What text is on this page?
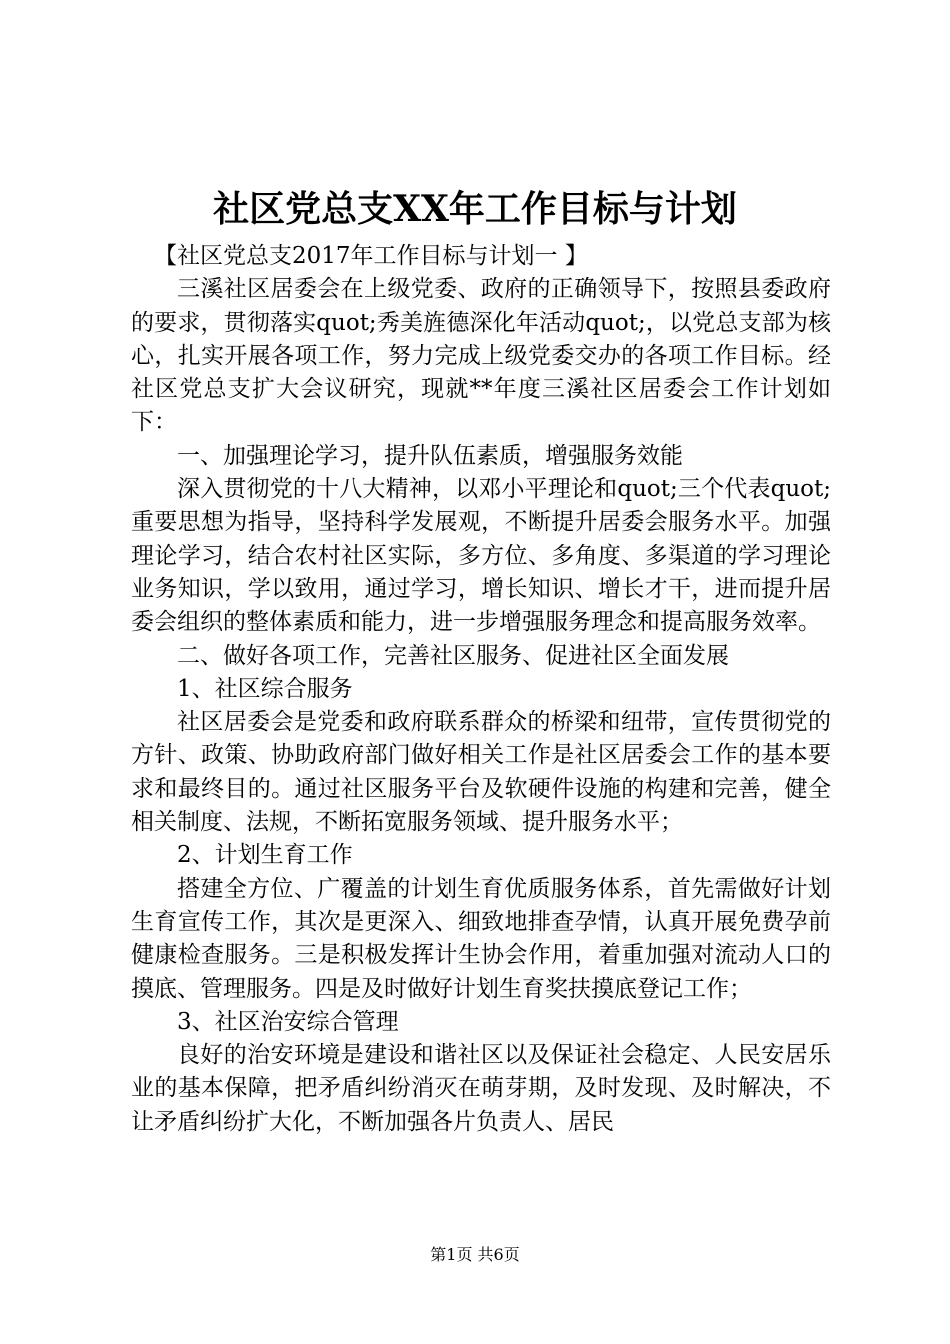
社区党总支XX年工作目标与计划

【社区党总支2017年工作目标与计划一 】

三溪社区居委会在上级党委、政府的正确领导下，按照县委政府的要求，贯彻落实quot;秀美旌德深化年活动quot;，以党总支部为核心，扎实开展各项工作，努力完成上级党委交办的各项工作目标。经社区党总支扩大会议研究，现就**年度三溪社区居委会工作计划如下：

一、加强理论学习，提升队伍素质，增强服务效能

深入贯彻党的十八大精神，以邓小平理论和quot;三个代表quot;重要思想为指导，坚持科学发展观，不断提升居委会服务水平。加强理论学习，结合农村社区实际，多方位、多角度、多渠道的学习理论业务知识，学以致用，通过学习，增长知识、增长才干，进而提升居委会组织的整体素质和能力，进一步增强服务理念和提高服务效率。

二、做好各项工作，完善社区服务、促进社区全面发展

1、社区综合服务

社区居委会是党委和政府联系群众的桥梁和纽带，宣传贯彻党的方针、政策、协助政府部门做好相关工作是社区居委会工作的基本要求和最终目的。通过社区服务平台及软硬件设施的构建和完善，健全相关制度、法规，不断拓宽服务领域、提升服务水平；

2、计划生育工作

搭建全方位、广覆盖的计划生育优质服务体系，首先需做好计划生育宣传工作，其次是更深入、细致地排查孕情，认真开展免费孕前健康检查服务。三是积极发挥计生协会作用，着重加强对流动人口的摸底、管理服务。四是及时做好计划生育奖扶摸底登记工作；

3、社区治安综合管理

良好的治安环境是建设和谐社区以及保证社会稳定、人民安居乐业的基本保障，把矛盾纠纷消灭在萌芽期，及时发现、及时解决，不让矛盾纠纷扩大化，不断加强各片负责人、居民

第1页 共6页
